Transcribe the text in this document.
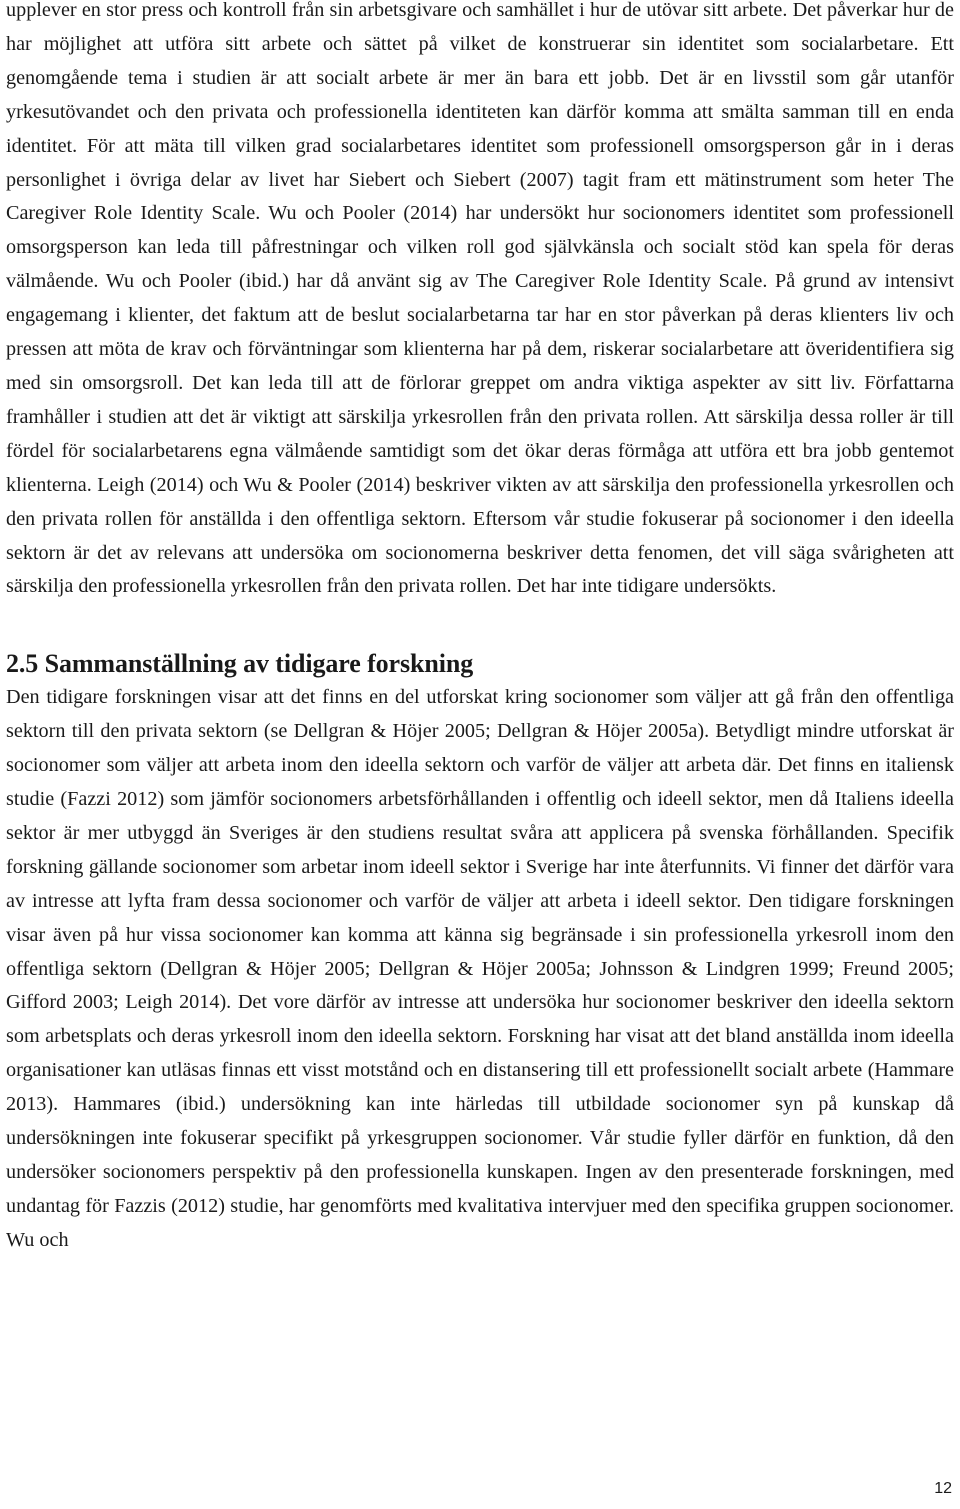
upplever en stor press och kontroll från sin arbetsgivare och samhället i hur de utövar sitt arbete. Det påverkar hur de har möjlighet att utföra sitt arbete och sättet på vilket de konstruerar sin identitet som socialarbetare. Ett genomgående tema i studien är att socialt arbete är mer än bara ett jobb. Det är en livsstil som går utanför yrkesutövandet och den privata och professionella identiteten kan därför komma att smälta samman till en enda identitet. För att mäta till vilken grad socialarbetares identitet som professionell omsorgsperson går in i deras personlighet i övriga delar av livet har Siebert och Siebert (2007) tagit fram ett mätinstrument som heter The Caregiver Role Identity Scale. Wu och Pooler (2014) har undersökt hur socionomers identitet som professionell omsorgsperson kan leda till påfrestningar och vilken roll god självkänsla och socialt stöd kan spela för deras välmående. Wu och Pooler (ibid.) har då använt sig av The Caregiver Role Identity Scale. På grund av intensivt engagemang i klienter, det faktum att de beslut socialarbetarna tar har en stor påverkan på deras klienters liv och pressen att möta de krav och förväntningar som klienterna har på dem, riskerar socialarbetare att överidentifiera sig med sin omsorgsroll. Det kan leda till att de förlorar greppet om andra viktiga aspekter av sitt liv. Författarna framhåller i studien att det är viktigt att särskilja yrkesrollen från den privata rollen. Att särskilja dessa roller är till fördel för socialarbetarens egna välmående samtidigt som det ökar deras förmåga att utföra ett bra jobb gentemot klienterna. Leigh (2014) och Wu & Pooler (2014) beskriver vikten av att särskilja den professionella yrkesrollen och den privata rollen för anställda i den offentliga sektorn. Eftersom vår studie fokuserar på socionomer i den ideella sektorn är det av relevans att undersöka om socionomerna beskriver detta fenomen, det vill säga svårigheten att särskilja den professionella yrkesrollen från den privata rollen. Det har inte tidigare undersökts.

2.5 Sammanställning av tidigare forskning

Den tidigare forskningen visar att det finns en del utforskat kring socionomer som väljer att gå från den offentliga sektorn till den privata sektorn (se Dellgran & Höjer 2005; Dellgran & Höjer 2005a). Betydligt mindre utforskat är socionomer som väljer att arbeta inom den ideella sektorn och varför de väljer att arbeta där. Det finns en italiensk studie (Fazzi 2012) som jämför socionomers arbetsförhållanden i offentlig och ideell sektor, men då Italiens ideella sektor är mer utbyggd än Sveriges är den studiens resultat svåra att applicera på svenska förhållanden. Specifik forskning gällande socionomer som arbetar inom ideell sektor i Sverige har inte återfunnits. Vi finner det därför vara av intresse att lyfta fram dessa socionomer och varför de väljer att arbeta i ideell sektor. Den tidigare forskningen visar även på hur vissa socionomer kan komma att känna sig begränsade i sin professionella yrkesroll inom den offentliga sektorn (Dellgran & Höjer 2005; Dellgran & Höjer 2005a; Johnsson & Lindgren 1999; Freund 2005; Gifford 2003; Leigh 2014). Det vore därför av intresse att undersöka hur socionomer beskriver den ideella sektorn som arbetsplats och deras yrkesroll inom den ideella sektorn. Forskning har visat att det bland anställda inom ideella organisationer kan utläsas finnas ett visst motstånd och en distansering till ett professionellt socialt arbete (Hammare 2013). Hammares (ibid.) undersökning kan inte härledas till utbildade socionomer syn på kunskap då undersökningen inte fokuserar specifikt på yrkesgruppen socionomer. Vår studie fyller därför en funktion, då den undersöker socionomers perspektiv på den professionella kunskapen. Ingen av den presenterade forskningen, med undantag för Fazzis (2012) studie, har genomförts med kvalitativa intervjuer med den specifika gruppen socionomer. Wu och

12
